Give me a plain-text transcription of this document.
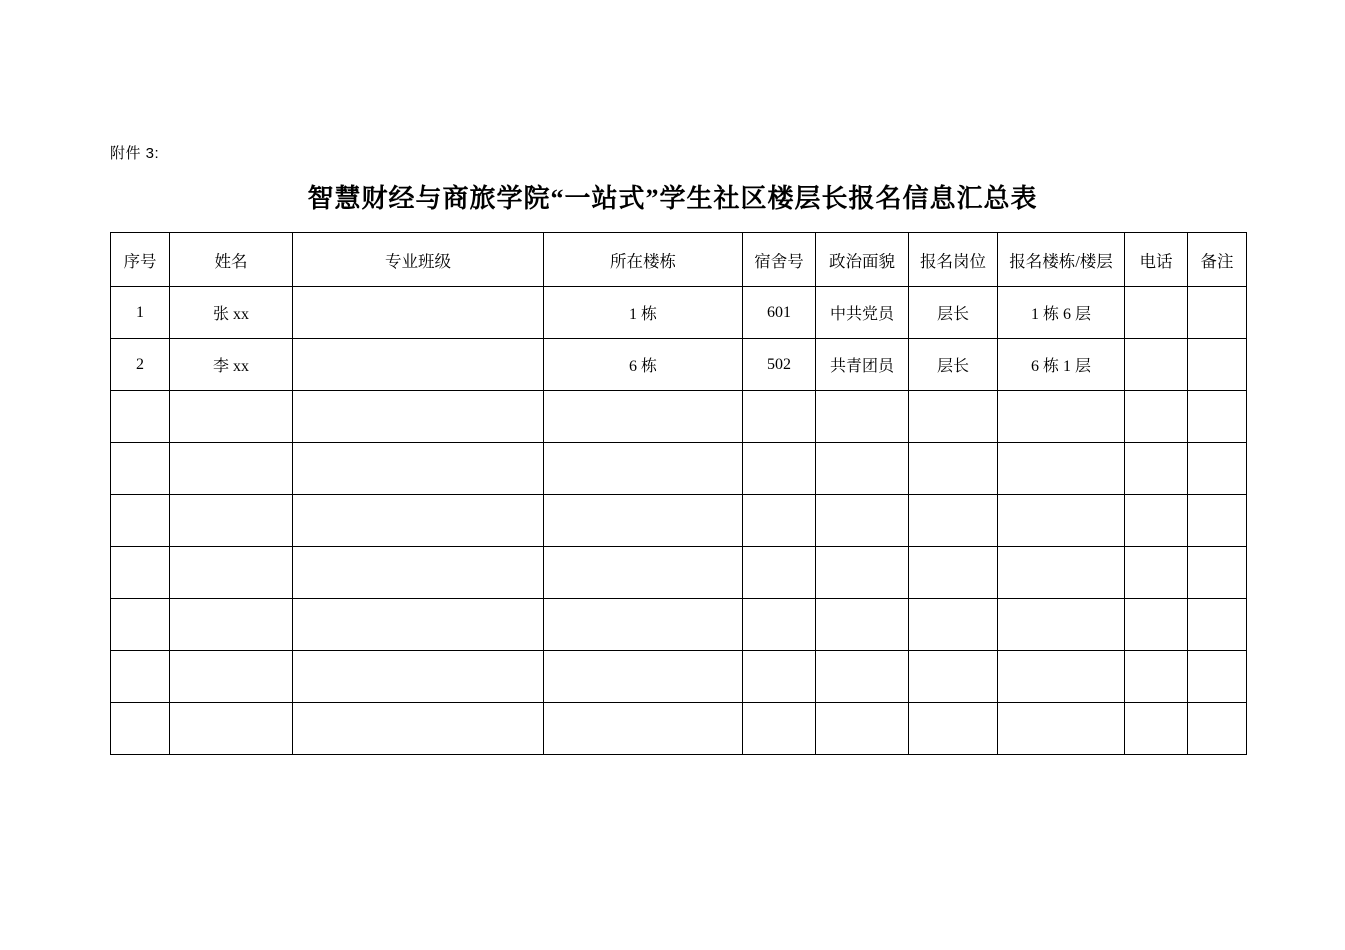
附件 3:
智慧财经与商旅学院“一站式”学生社区楼层长报名信息汇总表
序号	姓名	专业班级	所在楼栋	宿舍号	政治面貌	报名岗位	报名楼栋/楼层	电话	备注
1	张 xx		1 栋	601	中共党员	层长	1 栋 6 层		
2	李 xx		6 栋	502	共青团员	层长	6 栋 1 层		
